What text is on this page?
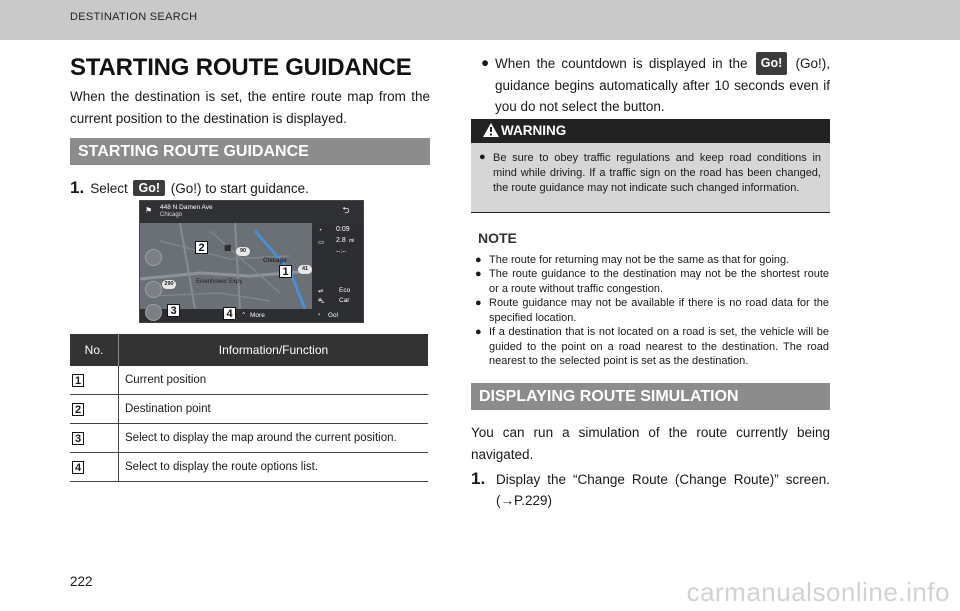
DESTINATION SEARCH
STARTING ROUTE GUIDANCE
When the destination is set, the entire route map from the current position to the destination is displayed.
STARTING ROUTE GUIDANCE
1. Select Go! (Go!) to start guidance.
⚑ 448 N Damen Ave
Chicago	⮌
◔ 0:09
▭ 2.8 mi
--:--
⇌ Eco
⛍ Car
⌃ More	› Go!
Chicago
Eisenhower Expy
90
290
41
▦
1
2
3	4
No.	Information/Function
1	Current position
2	Destination point
3	Select to display the map around the current position.
4	Select to display the route options list.
● When the countdown is displayed in the Go! (Go!), guidance begins automatically after 10 seconds even if you do not select the button.
WARNING
● Be sure to obey traffic regulations and keep road conditions in mind while driving. If a traffic sign on the road has been changed, the route guidance may not indicate such changed information.
NOTE
● The route for returning may not be the same as that for going.
● The route guidance to the destination may not be the shortest route or a route without traffic congestion.
● Route guidance may not be available if there is no road data for the specified location.
● If a destination that is not located on a road is set, the vehicle will be guided to the point on a road nearest to the destination. The road nearest to the selected point is set as the destination.
DISPLAYING ROUTE SIMULATION
You can run a simulation of the route currently being navigated.
1. Display the “Change Route (Change Route)” screen. (→P.229)
222	carmanualsonline.info
